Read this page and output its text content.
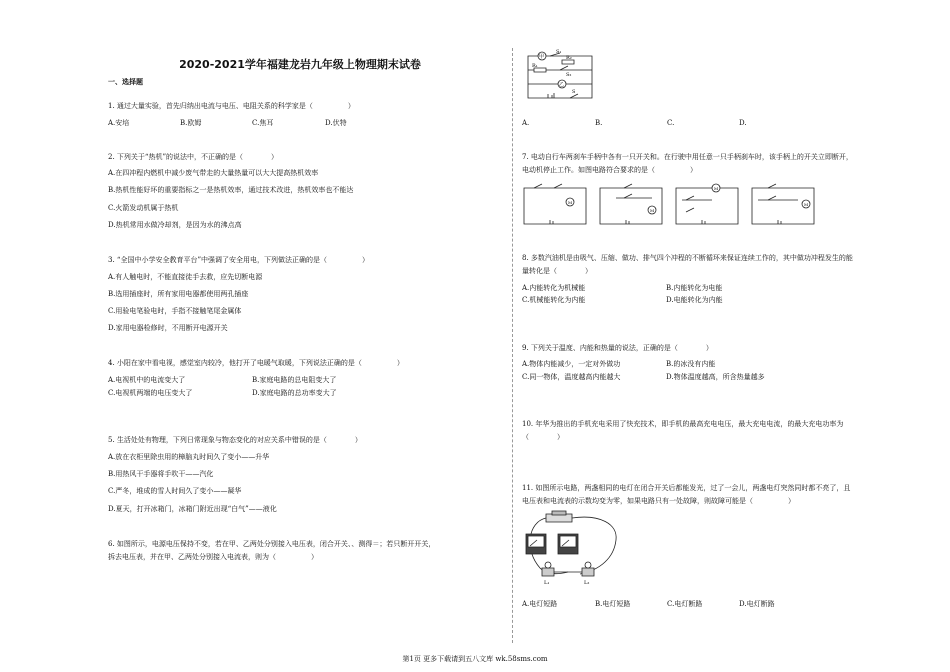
2020-2021学年福建龙岩九年级上物理期末试卷
一、选择题
1. 通过大量实验，首先归纳出电流与电压、电阻关系的科学家是（　　　　　）
A.安培	B.欧姆	C.焦耳	D.伏特
2. 下列关于“热机”的说法中，不正确的是（　　　　）
A.在四冲程内燃机中减少废气带走的大量热量可以大大提高热机效率
B.热机性能好坏的重要指标之一是热机效率，通过技术改进，热机效率也不能达
C.火箭发动机属于热机
D.热机常用水做冷却剂，是因为水的沸点高
3. “全国中小学安全教育平台”中强调了安全用电，下列做法正确的是（　　　　　）
A.有人触电时，不能直接徒手去救，应先切断电源
B.选用插座时，所有家用电器都使用两孔插座
C.用验电笔验电时，手指不接触笔尾金属体
D.家用电器检修时，不用断开电源开关
4. 小阳在家中看电视，感觉室内较冷，他打开了电暖气取暖，下列说法正确的是（　　　　　）
A.电视机中的电流变大了	B.家庭电路的总电阻变大了
C.电视机两端的电压变大了	D.家庭电路的总功率变大了
5. 生活处处有物理，下列日常现象与物态变化的对应关系中错误的是（　　　　）
A.放在衣柜里除虫用的樟脑丸时间久了变小——升华
B.用热风干手器将手吹干——汽化
C.严冬，堆成的雪人时间久了变小——凝华
D.夏天，打开冰箱门，冰箱门附近出现“白气”——液化
6. 如图所示，电源电压保持不变，若在甲、乙两处分别接入电压表，闭合开关、、测得＝；若只断开开关，
拆去电压表，并在甲、乙两处分别接入电流表，则为（　　　　　）
甲
乙
R₁
R₂
S₁
S₂
S
A.	B.	C.	D.
7. 电动自行车两刹车手柄中各有一只开关和。在行驶中用任意一只手柄刹车时，该手柄上的开关立即断开，
电动机停止工作。如图电路符合要求的是（　　　　　）
M
M
M
M
8. 多数汽油机是由吸气、压缩、做功、排气四个冲程的不断循环来保证连续工作的，其中做功冲程发生的能
量转化是（　　　　）
A.内能转化为机械能	B.内能转化为电能
C.机械能转化为内能	D.电能转化为内能
9. 下列关于温度、内能和热量的说法，正确的是（　　　　）
A.物体内能减少，一定对外做功	B.的冰没有内能
C.同一物体，温度越高内能越大	D.物体温度越高，所含热量越多
10. 年华为推出的手机充电采用了快充技术，即手机的最高充电电压，最大充电电流，的最大充电功率为
（　　　　）
11. 如图所示电路，两盏相同的电灯在闭合开关后都能发光，过了一会儿，两盏电灯突然同时都不亮了，且
电压表和电流表的示数均变为零，如果电路只有一处故障，则故障可能是（　　　　　）
L₁	L₂
A.电灯短路	B.电灯短路	C.电灯断路	D.电灯断路
第1页 更多下载请到五八文库 wk.58sms.com
